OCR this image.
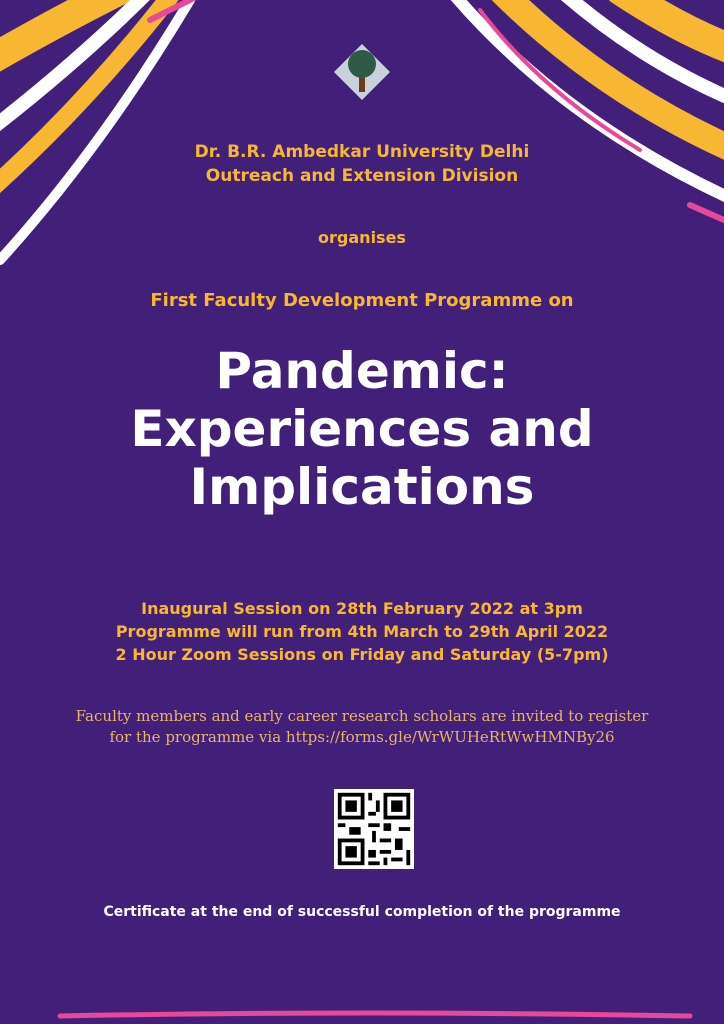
Dr. B.R. Ambedkar University Delhi
Outreach and Extension Division
organises
First Faculty Development Programme on
Pandemic:
Experiences and
Implications
Inaugural Session on 28th February 2022 at 3pm
Programme will run from 4th March to 29th April 2022
2 Hour Zoom Sessions on Friday and Saturday (5-7pm)
Faculty members and early career research scholars are invited to register
for the programme via https://forms.gle/WrWUHeRtWwHMNBy26
Certificate at the end of successful completion of the programme
